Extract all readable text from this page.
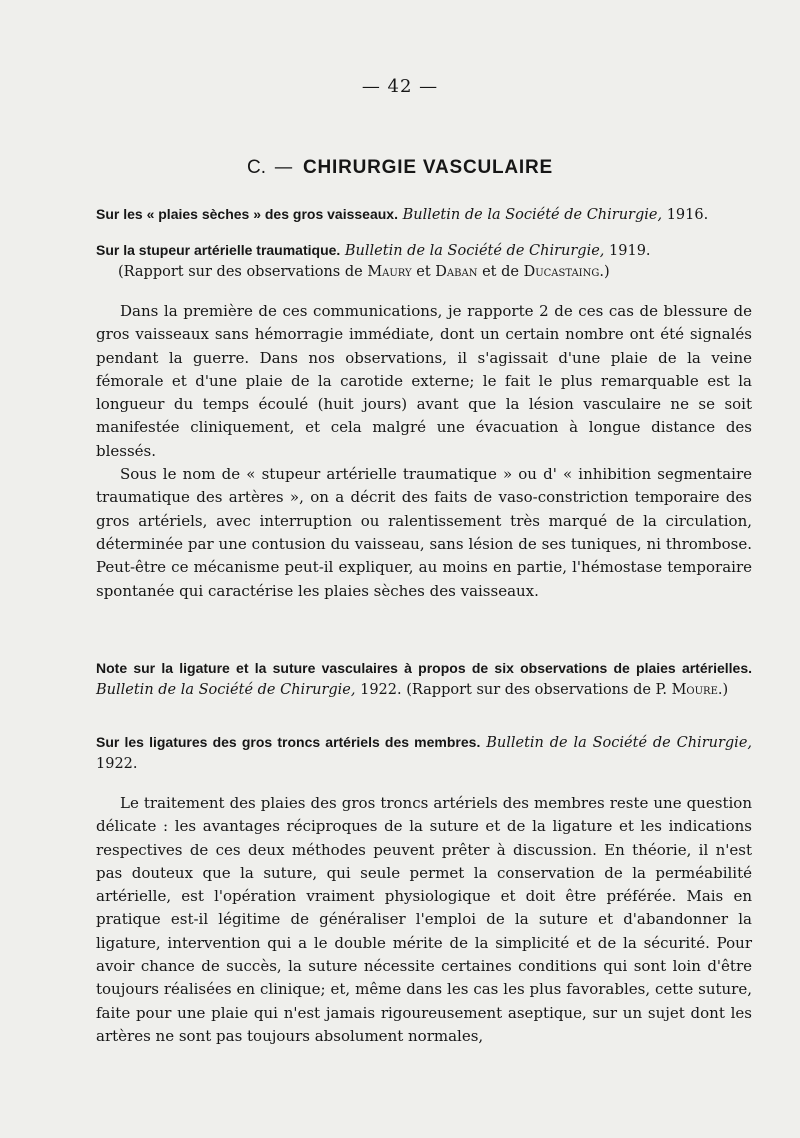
— 42 —
C. — CHIRURGIE VASCULAIRE
Sur les « plaies sèches » des gros vaisseaux. Bulletin de la Société de Chirurgie, 1916.
Sur la stupeur artérielle traumatique. Bulletin de la Société de Chirurgie, 1919.
(Rapport sur des observations de Maury et Daban et de Ducastaing.)

Dans la première de ces communications, je rapporte 2 de ces cas de blessure de gros vaisseaux sans hémorragie immédiate, dont un certain nombre ont été signalés pendant la guerre. Dans nos observations, il s'agissait d'une plaie de la veine fémorale et d'une plaie de la carotide externe; le fait le plus remarquable est la longueur du temps écoulé (huit jours) avant que la lésion vasculaire ne se soit manifestée cliniquement, et cela malgré une évacuation à longue distance des blessés.

Sous le nom de « stupeur artérielle traumatique » ou d' « inhibition segmentaire traumatique des artères », on a décrit des faits de vaso-constriction temporaire des gros artériels, avec interruption ou ralentissement très marqué de la circulation, déterminée par une contusion du vaisseau, sans lésion de ses tuniques, ni thrombose. Peut-être ce mécanisme peut-il expliquer, au moins en partie, l'hémostase temporaire spontanée qui caractérise les plaies sèches des vaisseaux.

Note sur la ligature et la suture vasculaires à propos de six observations de plaies artérielles. Bulletin de la Société de Chirurgie, 1922. (Rapport sur des observations de P. Moure.)
Sur les ligatures des gros troncs artériels des membres. Bulletin de la Société de Chirurgie, 1922.

Le traitement des plaies des gros troncs artériels des membres reste une question délicate : les avantages réciproques de la suture et de la ligature et les indications respectives de ces deux méthodes peuvent prêter à discussion. En théorie, il n'est pas douteux que la suture, qui seule permet la conservation de la perméabilité artérielle, est l'opération vraiment physiologique et doit être préférée. Mais en pratique est-il légitime de généraliser l'emploi de la suture et d'abandonner la ligature, intervention qui a le double mérite de la simplicité et de la sécurité. Pour avoir chance de succès, la suture nécessite certaines conditions qui sont loin d'être toujours réalisées en clinique; et, même dans les cas les plus favorables, cette suture, faite pour une plaie qui n'est jamais rigoureusement aseptique, sur un sujet dont les artères ne sont pas toujours absolument normales,
